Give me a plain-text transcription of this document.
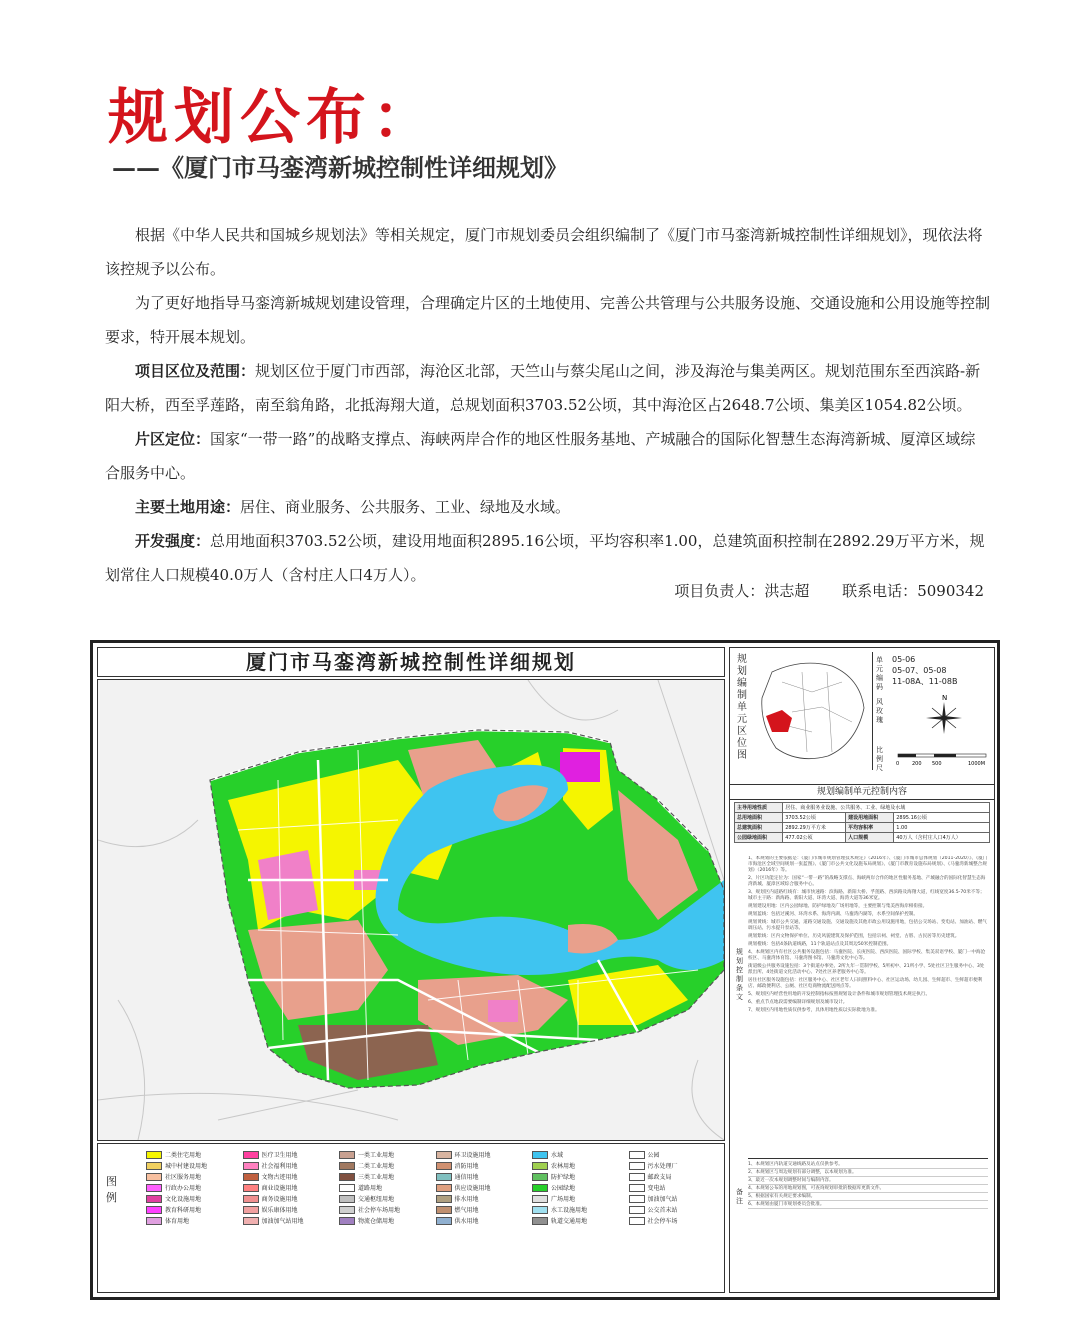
规划公布：
——《厦门市马銮湾新城控制性详细规划》

根据《中华人民共和国城乡规划法》等相关规定，厦门市规划委员会组织编制了《厦门市马銮湾新城控制性详细规划》，现依法将该控规予以公布。

为了更好地指导马銮湾新城规划建设管理，合理确定片区的土地使用、完善公共管理与公共服务设施、交通设施和公用设施等控制要求，特开展本规划。

项目区位及范围：规划区位于厦门市西部，海沧区北部，天竺山与蔡尖尾山之间，涉及海沧与集美两区。规划范围东至西滨路-新阳大桥，西至孚莲路，南至翁角路，北抵海翔大道，总规划面积3703.52公顷，其中海沧区占2648.7公顷、集美区1054.82公顷。

片区定位：国家“一带一路”的战略支撑点、海峡两岸合作的地区性服务基地、产城融合的国际化智慧生态海湾新城、厦漳区域综合服务中心。

主要土地用途：居住、商业服务、公共服务、工业、绿地及水域。

开发强度：总用地面积3703.52公顷，建设用地面积2895.16公顷，平均容积率1.00，总建筑面积控制在2892.29万平方米，规划常住人口规模40.0万人（含村庄人口4万人）。

项目负责人：洪志超 联系电话：5090342
厦门市马銮湾新城控制性详细规划
图例
二类住宅用地	医疗卫生用地	一类工业用地	环卫设施用地	水域	公园
城中村建设用地	社会福利用地	二类工业用地	消防用地	农林用地	污水处理厂
社区服务用地	文物古迹用地	三类工业用地	通信用地	防护绿地	邮政支局
行政办公用地	商业设施用地	道路用地	供应设施用地	公园绿地	变电站
文化设施用地	商务设施用地	交通枢纽用地	排水用地	广场用地	加油加气站
教育科研用地	娱乐康体用地	社会停车场用地	燃气用地	水工设施用地	公交首末站
体育用地	加油加气站用地	物流仓储用地	供水用地	轨道交通用地	社会停车场
规划编制单元区位图
单元编码
05-06
05-07、05-08
11-08A、11-08B
风玫瑰
N
比例尺	0	200 500	1000M
规划编制单元控制内容
主导用地性质	居住、商业服务业设施、公共服务、工业、绿地及水域		
总用地面积	3703.52公顷	建设用地面积	2895.16公顷
总建筑面积	2892.29万平方米	平均容积率	1.00
公园绿地面积	477.02公顷	人口规模	40万人（含村庄人口4万人）
规划控制条文
1、本规划的主要依据是：《厦门市城市规划管理技术规定》（2016年）、《厦门市城市总体规划（2011-2020）》、《厦门市海沧区全域空间规划一张蓝图》、《厦门市公共文化设施布局规划》、《厦门市教育设施布局规划》、《马銮湾新城整合规划》（2016年）等。
2、片区功能定位为：国家“一带一路”的战略支撑点、海峡两岸合作的地区性服务基地、产城融合的国际化智慧生态海湾新城、厦漳区域综合服务中心。
3、规划区内道路红线有：城市快速路：滨海路、新阳大桥、孚莲路、西滨路及海翔大道，红线宽度36.5-70米不等；城市主干路：新海路、新阳大道、环湾大道、海湾大道等36米宽。
规划建设用地：区内公园绿地、防护绿地及广场用地等，主要控制与集美西海岸相衔接。
规划蓝线：包括过溪河、环湾水系、海湾内湖、马銮湾内湖等，水系空间保护控制。
规划黄线：城市公共交通、道路交通设施、交通设施及其他市政公用设施用地，包括公交场站、变电站、加油站、燃气调压站、污水提升泵站等。
规划紫线：区内文物保护单位、历史风貌建筑及保护范围，包括宗祠、祠堂、古厝、古民居等历史建筑。
规划橙线：包括4条轨道线路，11个轨道站点及其周边50米控制范围。
4、本规划区内有社区公共服务设施包括：马銮医院、长庚医院、西滨医院、国际学校、集美双语学校、厦门一中海沧校区、马銮湾体育馆、马銮湾图书馆、马銮湾文化中心等。
街道级公共服务设施包括：3个街道办事处、2所九年一贯制学校、5所初中、21所小学、5处社区卫生服务中心、3处派出所、4处街道文化活动中心、7处社区养老服务中心等。
居住社区服务设施包括：社区服务中心、社区老年人日间照料中心、社区运动场、幼儿园、生鲜超市、生鲜超市便利店、邮政便利店、公厕、社区电商物流配送网点等。
5、规划区内经营性用地的开发控制指标按照规划设计条件和城市规划管理技术规定执行。
6、重点节点地段需要编制详细规划及城市设计。
7、规划区内用地性质仅供参考，具体用地性质以实际批地为准。
备注
1、本规划区内轨道交通线路及站点仅供参考。
2、本规划区与周边规划有部分调整，以本规划为准。
3、最近一次本规划调整时间与编制内容。
4、本规划公布的用地规划图，可查询规划审批的数据库更新文件。
5、根据国家有关规定要求编制。
6、本规划由厦门市规划委员会批准。
